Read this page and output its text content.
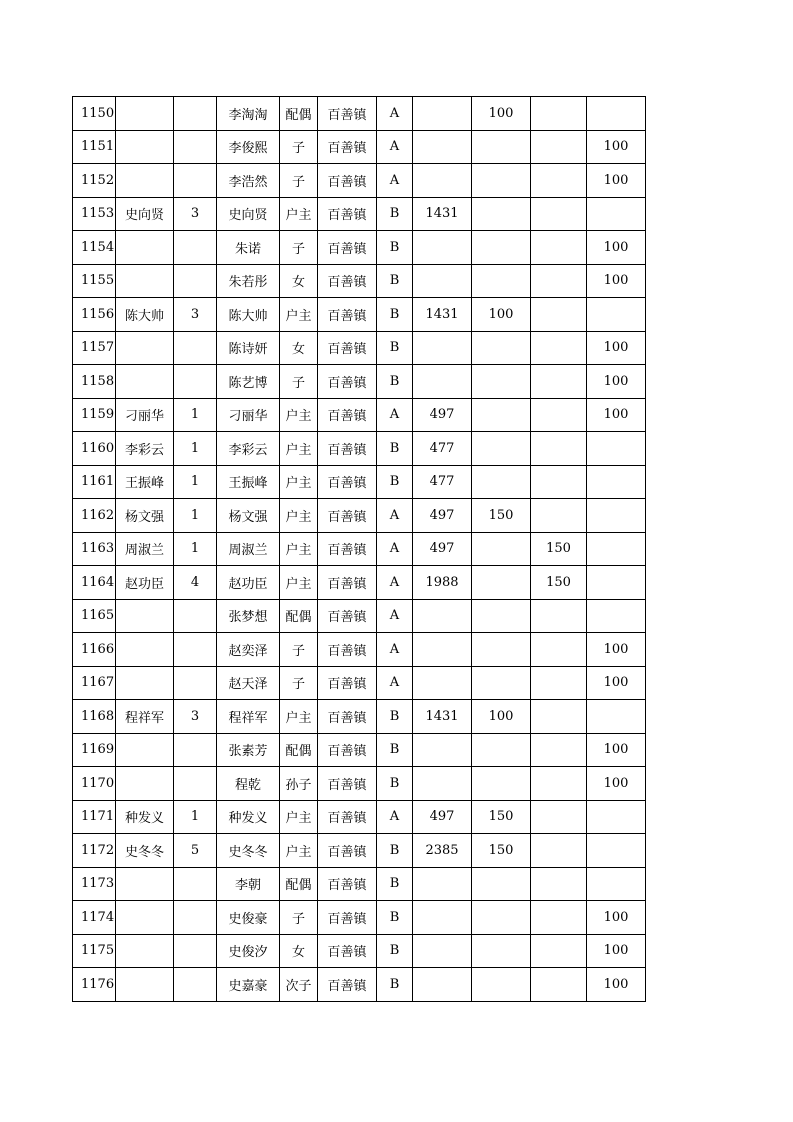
1150			李淘淘	配偶	百善镇	A		100		
1151			李俊熙	子	百善镇	A				100
1152			李浩然	子	百善镇	A				100
1153	史向贤	3	史向贤	户主	百善镇	B	1431			
1154			朱诺	子	百善镇	B				100
1155			朱若彤	女	百善镇	B				100
1156	陈大帅	3	陈大帅	户主	百善镇	B	1431	100		
1157			陈诗妍	女	百善镇	B				100
1158			陈艺博	子	百善镇	B				100
1159	刁丽华	1	刁丽华	户主	百善镇	A	497			100
1160	李彩云	1	李彩云	户主	百善镇	B	477			
1161	王振峰	1	王振峰	户主	百善镇	B	477			
1162	杨文强	1	杨文强	户主	百善镇	A	497	150		
1163	周淑兰	1	周淑兰	户主	百善镇	A	497		150	
1164	赵功臣	4	赵功臣	户主	百善镇	A	1988		150	
1165			张梦想	配偶	百善镇	A				
1166			赵奕泽	子	百善镇	A				100
1167			赵天泽	子	百善镇	A				100
1168	程祥军	3	程祥军	户主	百善镇	B	1431	100		
1169			张素芳	配偶	百善镇	B				100
1170			程乾	孙子	百善镇	B				100
1171	种发义	1	种发义	户主	百善镇	A	497	150		
1172	史冬冬	5	史冬冬	户主	百善镇	B	2385	150		
1173			李朝	配偶	百善镇	B				
1174			史俊豪	子	百善镇	B				100
1175			史俊汐	女	百善镇	B				100
1176			史嘉豪	次子	百善镇	B				100
